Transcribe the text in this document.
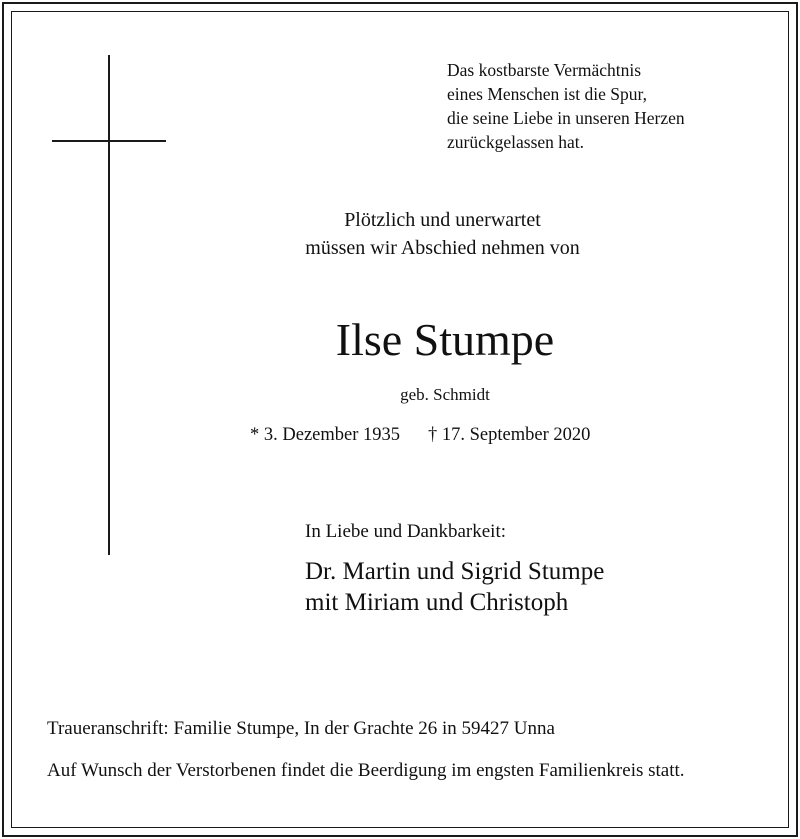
Das kostbarste Vermächtnis
eines Menschen ist die Spur,
die seine Liebe in unseren Herzen
zurückgelassen hat.
Plötzlich und unerwartet
müssen wir Abschied nehmen von
Ilse Stumpe
geb. Schmidt
* 3. Dezember 1935 † 17. September 2020
In Liebe und Dankbarkeit:
Dr. Martin und Sigrid Stumpe
mit Miriam und Christoph
Traueranschrift: Familie Stumpe, In der Grachte 26 in 59427 Unna
Auf Wunsch der Verstorbenen findet die Beerdigung im engsten Familienkreis statt.
